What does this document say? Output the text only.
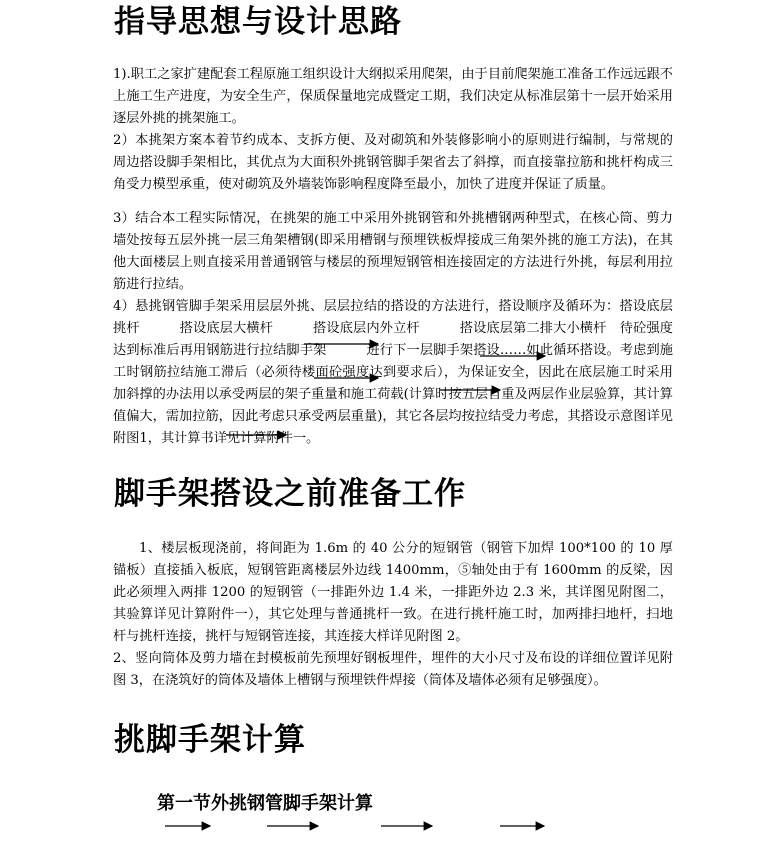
指导思想与设计思路

1).职工之家扩建配套工程原施工组织设计大纲拟采用爬架，由于目前爬架施工准备工作远远跟不上施工生产进度，为安全生产，保质保量地完成暨定工期，我们决定从标准层第十一层开始采用逐层外挑的挑架施工。

2）本挑架方案本着节约成本、支拆方便、及对砌筑和外装修影响小的原则进行编制，与常规的周边搭设脚手架相比，其优点为大面积外挑钢管脚手架省去了斜撑，而直接靠拉筋和挑杆构成三角受力模型承重，使对砌筑及外墙装饰影响程度降至最小，加快了进度并保证了质量。

3）结合本工程实际情况，在挑架的施工中采用外挑钢管和外挑槽钢两种型式，在核心筒、剪力墙处按每五层外挑一层三角架槽钢(即采用槽钢与预埋铁板焊接成三角架外挑的施工方法)，在其他大面楼层上则直接采用普通钢管与楼层的预埋短钢管相连接固定的方法进行外挑，每层利用拉筋进行拉结。

4）悬挑钢管脚手架采用层层外挑、层层拉结的搭设的方法进行，搭设顺序及循环为：搭设底层挑杆　　　搭设底层大横杆　　　搭设底层内外立杆　　　搭设底层第二排大小横杆　待砼强度达到标准后再用钢筋进行拉结脚手架　　　进行下一层脚手架搭设……如此循环搭设。考虑到施工时钢筋拉结施工滞后（必须待楼面砼强度达到要求后），为保证安全，因此在底层施工时采用加斜撑的办法用以承受两层的架子重量和施工荷载(计算时按五层自重及两层作业层验算，其计算值偏大，需加拉筋，因此考虑只承受两层重量)，其它各层均按拉结受力考虑，其搭设示意图详见附图1，其计算书详见计算附件一。

脚手架搭设之前准备工作

1、楼层板现浇前，将间距为 1.6m 的 40 公分的短钢管（钢管下加焊 100*100 的 10 厚锚板）直接插入板底，短钢管距离楼层外边线 1400mm，⑤轴处由于有 1600mm 的反梁，因此必须埋入两排 1200 的短钢管（一排距外边 1.4 米，一排距外边 2.3 米，其详图见附图二，其验算详见计算附件一），其它处理与普通挑杆一致。在进行挑杆施工时，加两排扫地杆，扫地杆与挑杆连接，挑杆与短钢管连接，其连接大样详见附图 2。

2、竖向筒体及剪力墙在封模板前先预埋好钢板埋件，埋件的大小尺寸及布设的详细位置详见附图 3，在浇筑好的筒体及墙体上槽钢与预埋铁件焊接（筒体及墙体必须有足够强度）。

挑脚手架计算
第一节外挑钢管脚手架计算
